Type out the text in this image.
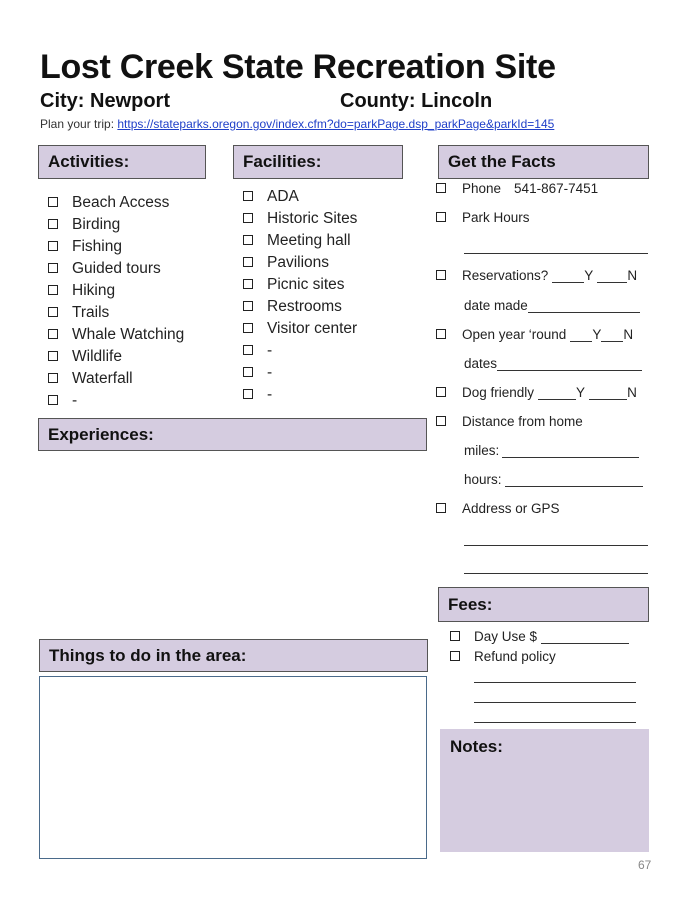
Lost Creek State Recreation Site
City: Newport	County: Lincoln
Plan your trip: https://stateparks.oregon.gov/index.cfm?do=parkPage.dsp_parkPage&parkId=145
Activities:
Beach Access
Birding
Fishing
Guided tours
Hiking
Trails
Whale Watching
Wildlife
Waterfall
-
Facilities:
ADA
Historic Sites
Meeting hall
Pavilions
Picnic sites
Restrooms
Visitor center
-
-
-
Get the Facts
Phone 541-867-7451
Park Hours
Reservations?	Y	N
date made
Open year ‘round Y N
dates
Dog friendly	Y	N
Distance from home
miles:
hours:
Address or GPS
Experiences:
Fees:
Day Use $
Refund policy
Things to do in the area:
Notes:
67
